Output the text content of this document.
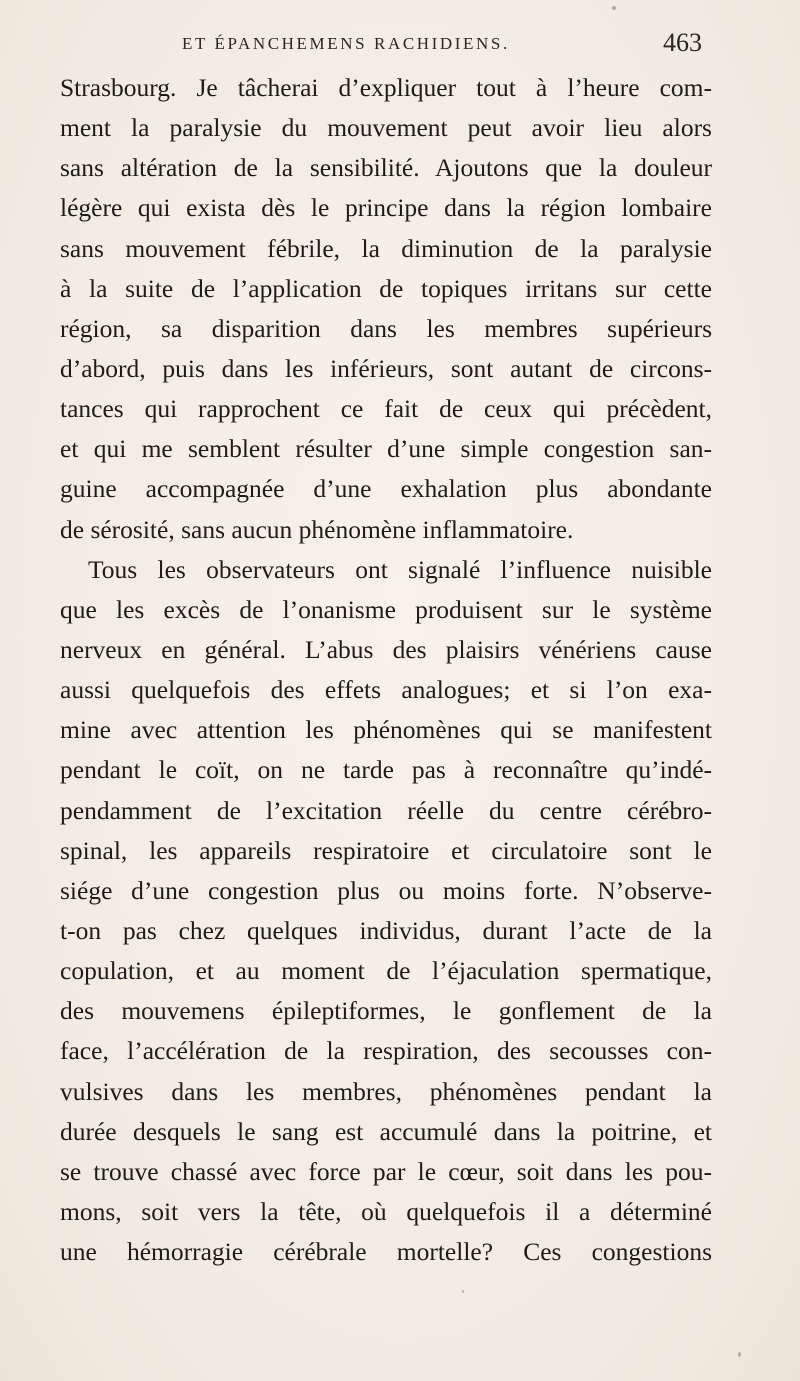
ET ÉPANCHEMENS RACHIDIENS.	463
Strasbourg. Je tâcherai d’expliquer tout à l’heure com-
ment la paralysie du mouvement peut avoir lieu alors
sans altération de la sensibilité. Ajoutons que la douleur
légère qui exista dès le principe dans la région lombaire
sans mouvement fébrile, la diminution de la paralysie
à la suite de l’application de topiques irritans sur cette
région, sa disparition dans les membres supérieurs
d’abord, puis dans les inférieurs, sont autant de circons-
tances qui rapprochent ce fait de ceux qui précèdent,
et qui me semblent résulter d’une simple congestion san-
guine accompagnée d’une exhalation plus abondante
de sérosité, sans aucun phénomène inflammatoire.
Tous les observateurs ont signalé l’influence nuisible
que les excès de l’onanisme produisent sur le système
nerveux en général. L’abus des plaisirs vénériens cause
aussi quelquefois des effets analogues; et si l’on exa-
mine avec attention les phénomènes qui se manifestent
pendant le coït, on ne tarde pas à reconnaître qu’indé-
pendamment de l’excitation réelle du centre cérébro-
spinal, les appareils respiratoire et circulatoire sont le
siége d’une congestion plus ou moins forte. N’observe-
t-on pas chez quelques individus, durant l’acte de la
copulation, et au moment de l’éjaculation spermatique,
des mouvemens épileptiformes, le gonflement de la
face, l’accélération de la respiration, des secousses con-
vulsives dans les membres, phénomènes pendant la
durée desquels le sang est accumulé dans la poitrine, et
se trouve chassé avec force par le cœur, soit dans les pou-
mons, soit vers la tête, où quelquefois il a déterminé
une hémorragie cérébrale mortelle? Ces congestions
